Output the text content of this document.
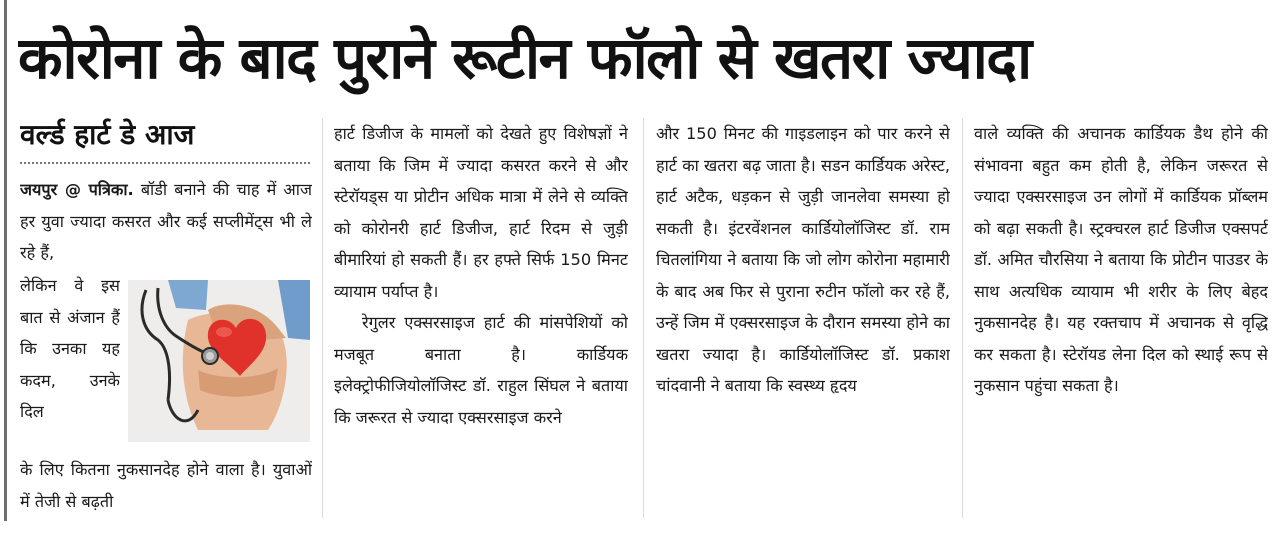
कोरोना के बाद पुराने रूटीन फॉलो से खतरा ज्यादा
वर्ल्ड हार्ट डे आज

जयपुर @ पत्रिका. बॉडी बनाने की चाह में आज हर युवा ज्यादा कसरत और कई सप्लीमेंट्स भी ले रहे हैं,

लेकिन वे इस बात से अंजान हैं कि उनका यह कदम, उनके दिल

के लिए कितना नुकसानदेह होने वाला है। युवाओं में तेजी से बढ़ती

हार्ट डिजीज के मामलों को देखते हुए विशेषज्ञों ने बताया कि जिम में ज्यादा कसरत करने से और स्टेरॉयड्स या प्रोटीन अधिक मात्रा में लेने से व्यक्ति को कोरोनरी हार्ट डिजीज, हार्ट रिदम से जुड़ी बीमारियां हो सकती हैं। हर हफ्ते सिर्फ 150 मिनट व्यायाम पर्याप्त है।

रेगुलर एक्सरसाइज हार्ट की मांसपेशियों को मजबूत बनाता है। कार्डियक इलेक्ट्रोफीजियोलॉजिस्ट डॉ. राहुल सिंघल ने बताया कि जरूरत से ज्यादा एक्सरसाइज करने

और 150 मिनट की गाइडलाइन को पार करने से हार्ट का खतरा बढ़ जाता है। सडन कार्डियक अरेस्ट, हार्ट अटैक, धड़कन से जुड़ी जानलेवा समस्या हो सकती है। इंटरवेंशनल कार्डियोलॉजिस्ट डॉ. राम चितलांगिया ने बताया कि जो लोग कोरोना महामारी के बाद अब फिर से पुराना रुटीन फॉलो कर रहे हैं, उन्हें जिम में एक्सरसाइज के दौरान समस्या होने का खतरा ज्यादा है। कार्डियोलॉजिस्ट डॉ. प्रकाश चांदवानी ने बताया कि स्वस्थ्य हृदय

वाले व्यक्ति की अचानक कार्डियक डैथ होने की संभावना बहुत कम होती है, लेकिन जरूरत से ज्यादा एक्सरसाइज उन लोगों में कार्डियक प्रॉब्लम को बढ़ा सकती है। स्ट्रक्चरल हार्ट डिजीज एक्सपर्ट डॉ. अमित चौरसिया ने बताया कि प्रोटीन पाउडर के साथ अत्यधिक व्यायाम भी शरीर के लिए बेहद नुकसानदेह है। यह रक्तचाप में अचानक से वृद्धि कर सकता है। स्टेरॉयड लेना दिल को स्थाई रूप से नुकसान पहुंचा सकता है।
